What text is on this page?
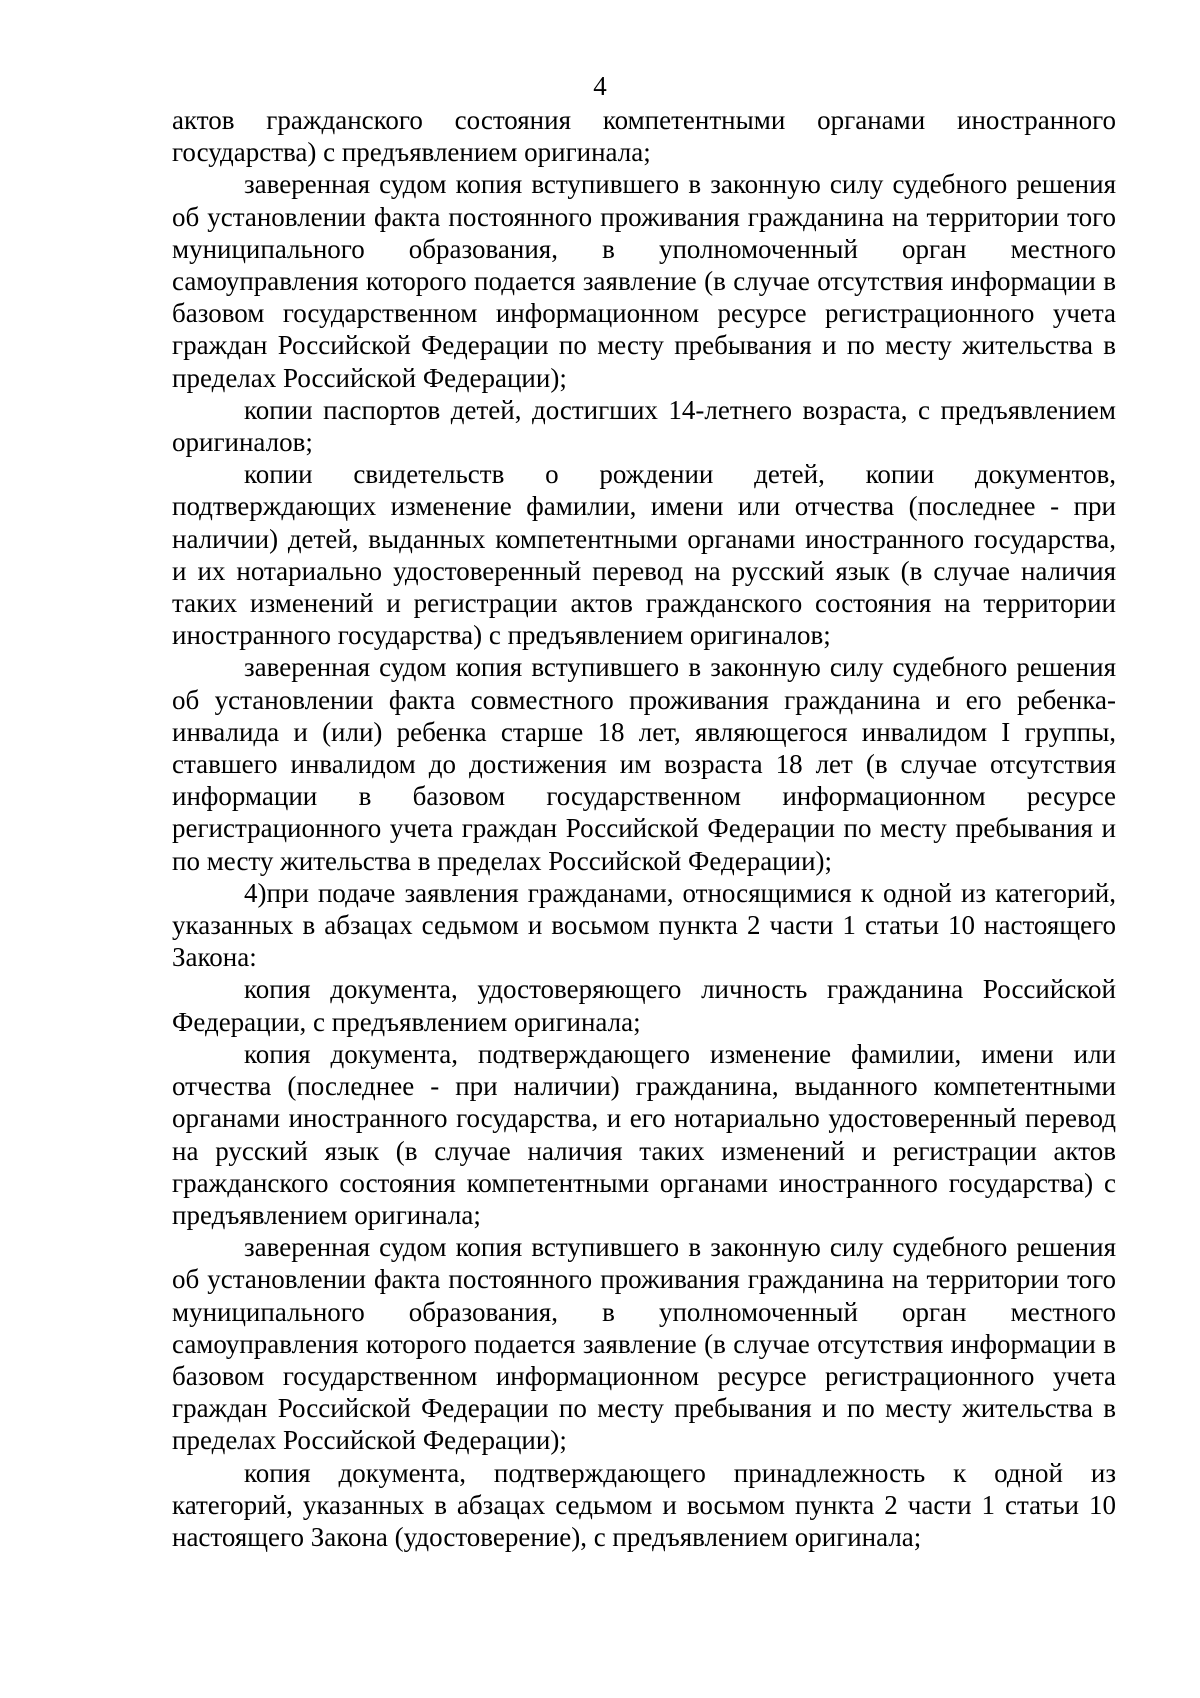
4

актов гражданского состояния компетентными органами иностранного государства) с предъявлением оригинала;

заверенная судом копия вступившего в законную силу судебного решения об установлении факта постоянного проживания гражданина на территории того муниципального образования, в уполномоченный орган местного самоуправления которого подается заявление (в случае отсутствия информации в базовом государственном информационном ресурсе регистрационного учета граждан Российской Федерации по месту пребывания и по месту жительства в пределах Российской Федерации);

копии паспортов детей, достигших 14-летнего возраста, с предъявлением оригиналов;

копии свидетельств о рождении детей, копии документов, подтверждающих изменение фамилии, имени или отчества (последнее - при наличии) детей, выданных компетентными органами иностранного государства, и их нотариально удостоверенный перевод на русский язык (в случае наличия таких изменений и регистрации актов гражданского состояния на территории иностранного государства) с предъявлением оригиналов;

заверенная судом копия вступившего в законную силу судебного решения об установлении факта совместного проживания гражданина и его ребенка-инвалида и (или) ребенка старше 18 лет, являющегося инвалидом I группы, ставшего инвалидом до достижения им возраста 18 лет (в случае отсутствия информации в базовом государственном информационном ресурсе регистрационного учета граждан Российской Федерации по месту пребывания и по месту жительства в пределах Российской Федерации);

4)при подаче заявления гражданами, относящимися к одной из категорий, указанных в абзацах седьмом и восьмом пункта 2 части 1 статьи 10 настоящего Закона:

копия документа, удостоверяющего личность гражданина Российской Федерации, с предъявлением оригинала;

копия документа, подтверждающего изменение фамилии, имени или отчества (последнее - при наличии) гражданина, выданного компетентными органами иностранного государства, и его нотариально удостоверенный перевод на русский язык (в случае наличия таких изменений и регистрации актов гражданского состояния компетентными органами иностранного государства) с предъявлением оригинала;

заверенная судом копия вступившего в законную силу судебного решения об установлении факта постоянного проживания гражданина на территории того муниципального образования, в уполномоченный орган местного самоуправления которого подается заявление (в случае отсутствия информации в базовом государственном информационном ресурсе регистрационного учета граждан Российской Федерации по месту пребывания и по месту жительства в пределах Российской Федерации);

копия документа, подтверждающего принадлежность к одной из категорий, указанных в абзацах седьмом и восьмом пункта 2 части 1 статьи 10 настоящего Закона (удостоверение), с предъявлением оригинала;
